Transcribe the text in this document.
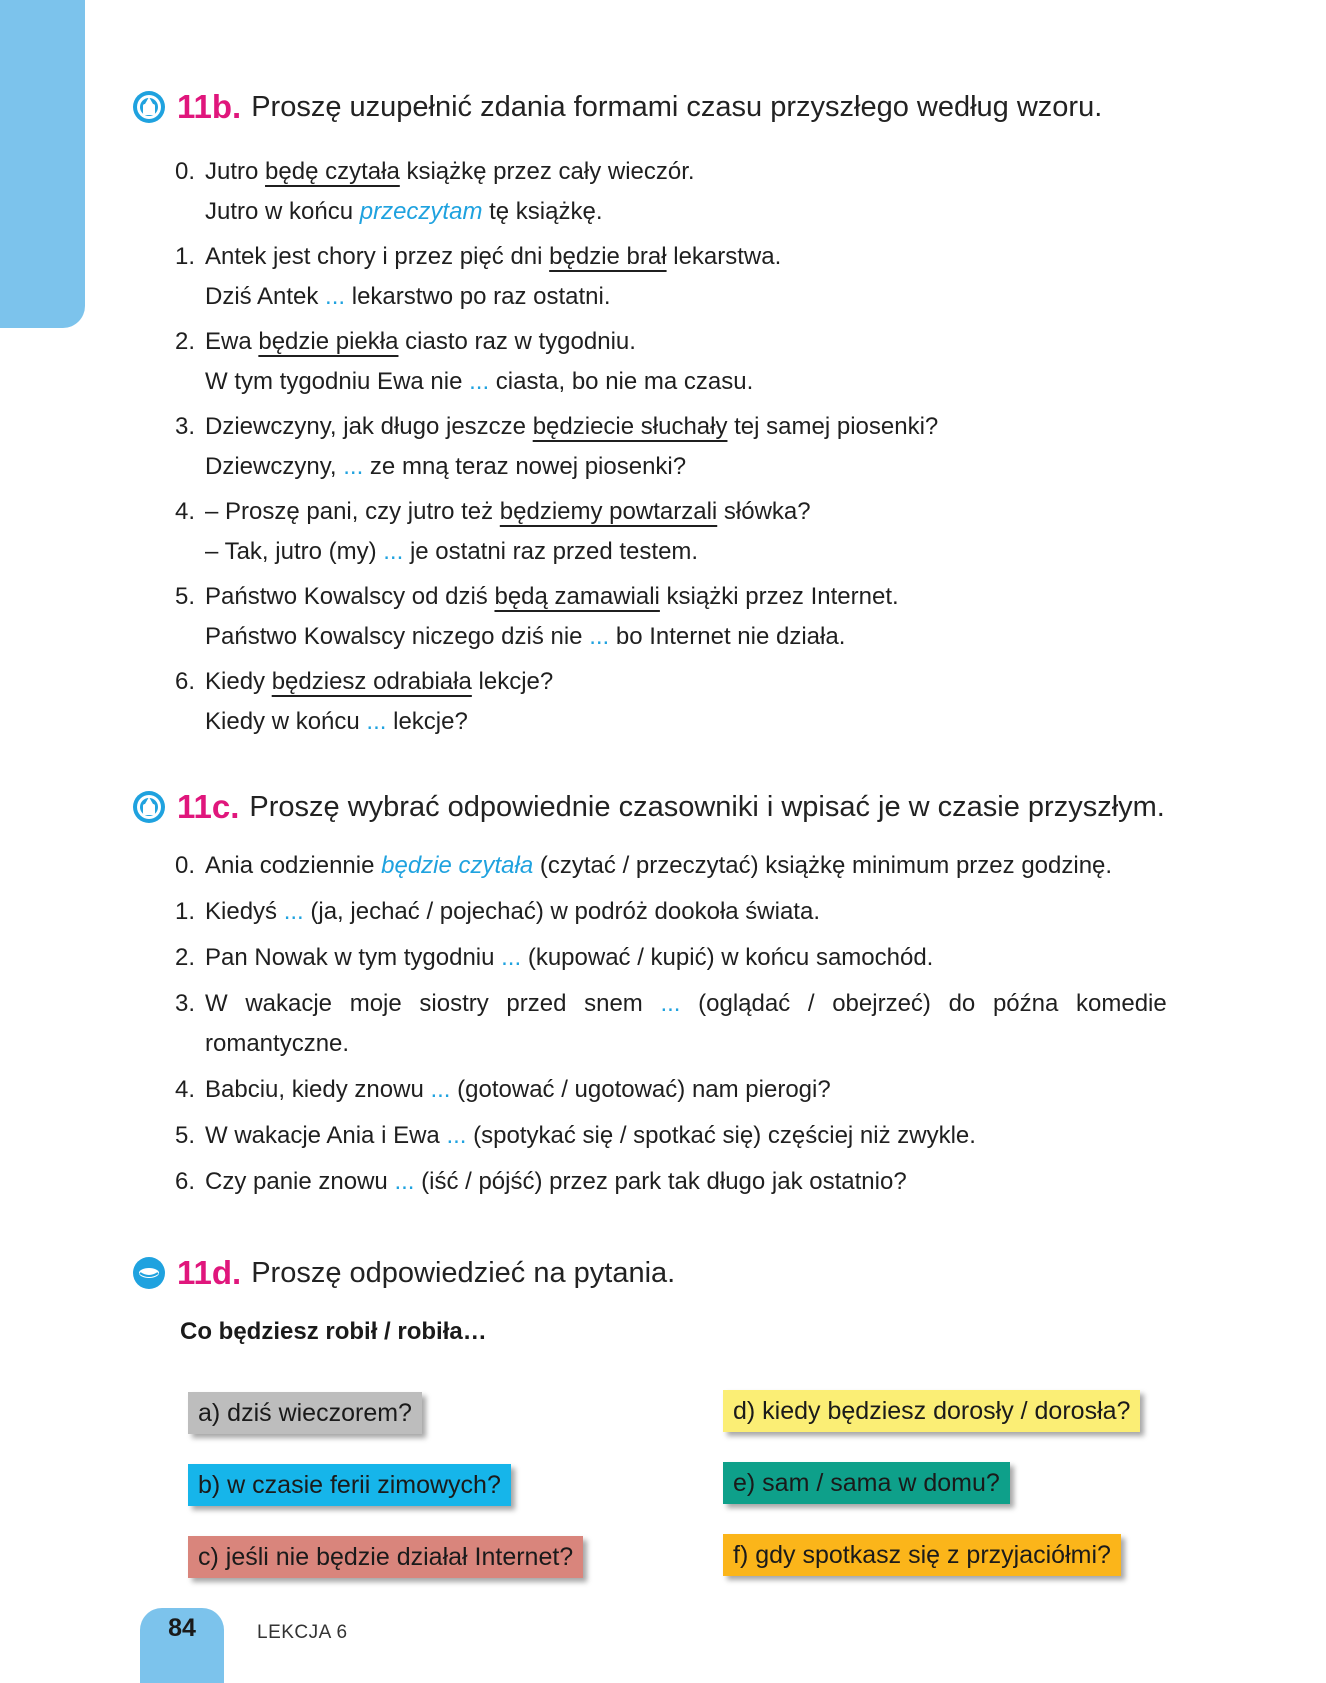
11b. Proszę uzupełnić zdania formami czasu przyszłego według wzoru.
0. Jutro będę czytała książkę przez cały wieczór.
Jutro w końcu przeczytam tę książkę.
1. Antek jest chory i przez pięć dni będzie brał lekarstwa.
Dziś Antek ... lekarstwo po raz ostatni.
2. Ewa będzie piekła ciasto raz w tygodniu.
W tym tygodniu Ewa nie ... ciasta, bo nie ma czasu.
3. Dziewczyny, jak długo jeszcze będziecie słuchały tej samej piosenki?
Dziewczyny, ... ze mną teraz nowej piosenki?
4. – Proszę pani, czy jutro też będziemy powtarzali słówka?
– Tak, jutro (my) ... je ostatni raz przed testem.
5. Państwo Kowalscy od dziś będą zamawiali książki przez Internet.
Państwo Kowalscy niczego dziś nie ... bo Internet nie działa.
6. Kiedy będziesz odrabiała lekcje?
Kiedy w końcu ... lekcje?
11c. Proszę wybrać odpowiednie czasowniki i wpisać je w czasie przyszłym.
0. Ania codziennie będzie czytała (czytać / przeczytać) książkę minimum przez godzinę.
1. Kiedyś ... (ja, jechać / pojechać) w podróż dookoła świata.
2. Pan Nowak w tym tygodniu ... (kupować / kupić) w końcu samochód.
3. W wakacje moje siostry przed snem ... (oglądać / obejrzeć) do późna komedie
romantyczne.
4. Babciu, kiedy znowu ... (gotować / ugotować) nam pierogi?
5. W wakacje Ania i Ewa ... (spotykać się / spotkać się) częściej niż zwykle.
6. Czy panie znowu ... (iść / pójść) przez park tak długo jak ostatnio?
11d. Proszę odpowiedzieć na pytania.
Co będziesz robił / robiła…
a) dziś wieczorem?
b) w czasie ferii zimowych?
c) jeśli nie będzie działał Internet?
d) kiedy będziesz dorosły / dorosła?
e) sam / sama w domu?
f) gdy spotkasz się z przyjaciółmi?
84	LEKCJA 6
